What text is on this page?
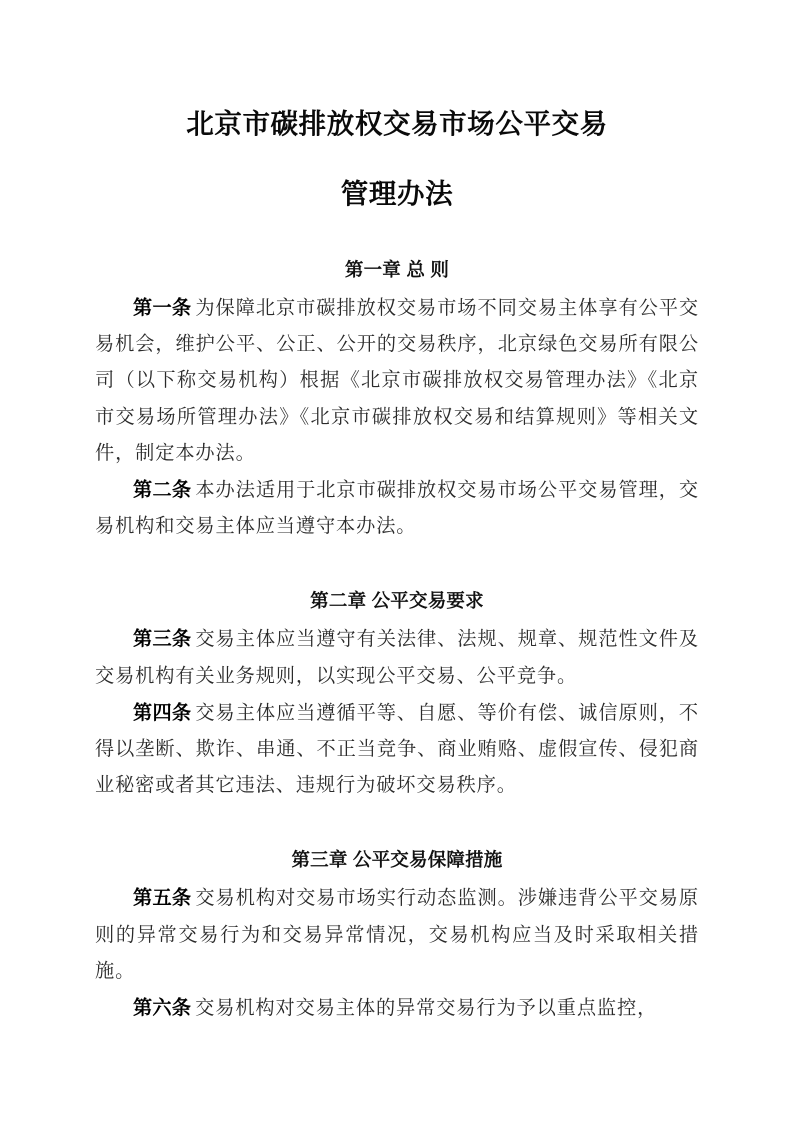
北京市碳排放权交易市场公平交易
管理办法
第一章 总 则

第一条 为保障北京市碳排放权交易市场不同交易主体享有公平交易机会，维护公平、公正、公开的交易秩序，北京绿色交易所有限公司（以下称交易机构）根据《北京市碳排放权交易管理办法》《北京市交易场所管理办法》《北京市碳排放权交易和结算规则》等相关文件，制定本办法。

第二条 本办法适用于北京市碳排放权交易市场公平交易管理，交易机构和交易主体应当遵守本办法。

第二章 公平交易要求

第三条 交易主体应当遵守有关法律、法规、规章、规范性文件及交易机构有关业务规则，以实现公平交易、公平竞争。

第四条 交易主体应当遵循平等、自愿、等价有偿、诚信原则，不得以垄断、欺诈、串通、不正当竞争、商业贿赂、虚假宣传、侵犯商业秘密或者其它违法、违规行为破坏交易秩序。

第三章 公平交易保障措施

第五条 交易机构对交易市场实行动态监测。涉嫌违背公平交易原则的异常交易行为和交易异常情况，交易机构应当及时采取相关措施。

第六条 交易机构对交易主体的异常交易行为予以重点监控，
